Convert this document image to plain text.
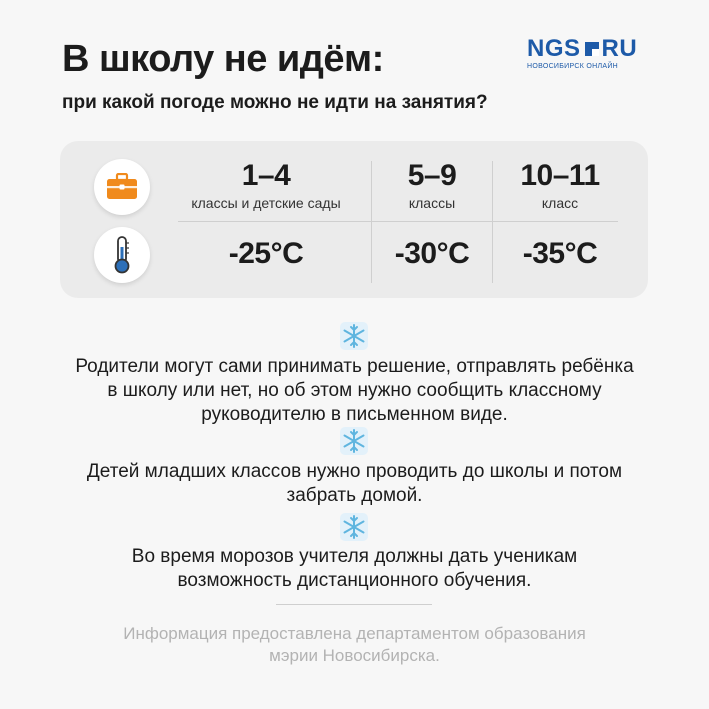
В школу не идём:
при какой погоде можно не идти на занятия?
NGS RU
НОВОСИБИРСК ОНЛАЙН
1–4
классы и детские сады
-25°C
5–9
классы
-30°C
10–11
класс
-35°C
Родители могут сами принимать решение, отправлять ребёнка
в школу или нет, но об этом нужно сообщить классному
руководителю в письменном виде.
Детей младших классов нужно проводить до школы и потом
забрать домой.
Во время морозов учителя должны дать ученикам
возможность дистанционного обучения.
Информация предоставлена департаментом образования
мэрии Новосибирска.
